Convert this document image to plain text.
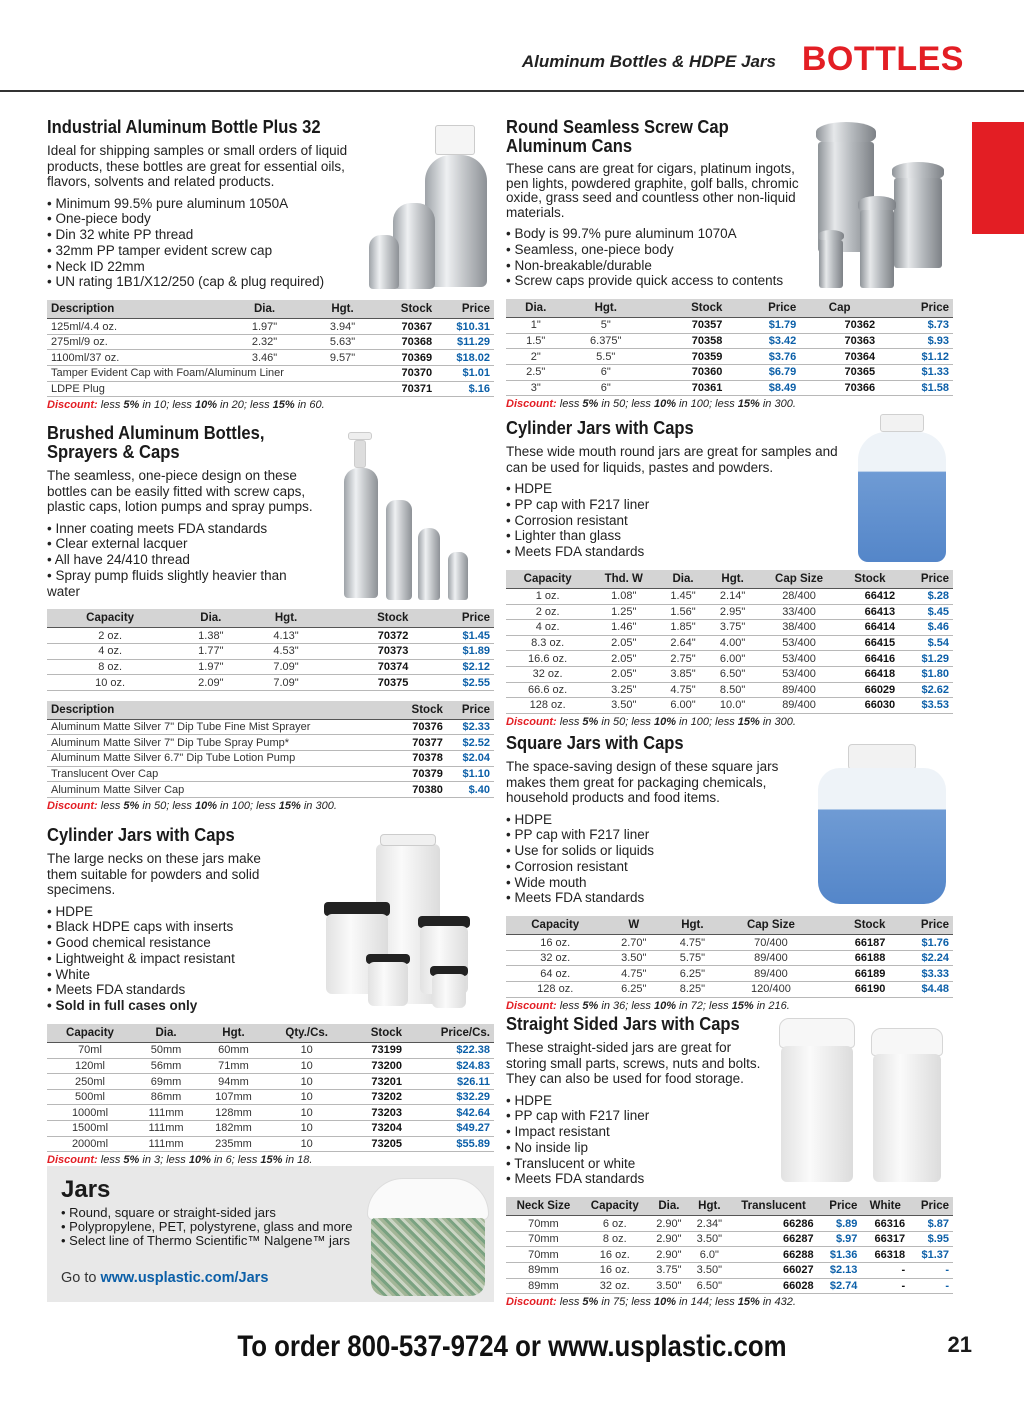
Aluminum Bottles & HDPE Jars BOTTLES
Industrial Aluminum Bottle Plus 32
Ideal for shipping samples or small orders of liquid products, these bottles are great for essential oils, flavors, solvents and related products.
• Minimum 99.5% pure aluminum 1050A
• One-piece body
• Din 32 white PP thread
• 32mm PP tamper evident screw cap
• Neck ID 22mm
• UN rating 1B1/X12/250 (cap & plug required)
Description	Dia.	Hgt.	Stock	Price
125ml/4.4 oz.	1.97"	3.94"	70367	$10.31
275ml/9 oz.	2.32"	5.63"	70368	$11.29
1100ml/37 oz.	3.46"	9.57"	70369	$18.02
Tamper Evident Cap with Foam/Aluminum Liner			70370	$1.01
LDPE Plug			70371	$.16
Discount: less 5% in 10; less 10% in 20; less 15% in 60.
Brushed Aluminum Bottles,
Sprayers & Caps
The seamless, one-piece design on these bottles can be easily fitted with screw caps, plastic caps, lotion pumps and spray pumps.
• Inner coating meets FDA standards
• Clear external lacquer
• All have 24/410 thread
• Spray pump fluids slightly heavier than water
Capacity	Dia.	Hgt.	Stock	Price
2 oz.	1.38"	4.13"	70372	$1.45
4 oz.	1.77"	4.53"	70373	$1.89
8 oz.	1.97"	7.09"	70374	$2.12
10 oz.	2.09"	7.09"	70375	$2.55
Description	Stock	Price
Aluminum Matte Silver 7" Dip Tube Fine Mist Sprayer	70376	$2.33
Aluminum Matte Silver 7" Dip Tube Spray Pump*	70377	$2.52
Aluminum Matte Silver 6.7" Dip Tube Lotion Pump	70378	$2.04
Translucent Over Cap	70379	$1.10
Aluminum Matte Silver Cap	70380	$.40
Discount: less 5% in 50; less 10% in 100; less 15% in 300.
Cylinder Jars with Caps
The large necks on these jars make them suitable for powders and solid specimens.
• HDPE
• Black HDPE caps with inserts
• Good chemical resistance
• Lightweight & impact resistant
• White
• Meets FDA standards
• Sold in full cases only
Capacity	Dia.	Hgt.	Qty./Cs.	Stock	Price/Cs.
70ml	50mm	60mm	10	73199	$22.38
120ml	56mm	71mm	10	73200	$24.83
250ml	69mm	94mm	10	73201	$26.11
500ml	86mm	107mm	10	73202	$32.29
1000ml	111mm	128mm	10	73203	$42.64
1500ml	111mm	182mm	10	73204	$49.27
2000ml	111mm	235mm	10	73205	$55.89
Discount: less 5% in 3; less 10% in 6; less 15% in 18.
Jars
• Round, square or straight-sided jars
• Polypropylene, PET, polystyrene, glass and more
• Select line of Thermo Scientific™ Nalgene™ jars
Go to www.usplastic.com/Jars
Round Seamless Screw Cap
Aluminum Cans
These cans are great for cigars, platinum ingots, pen lights, powdered graphite, golf balls, chromic oxide, grass seed and countless other non-liquid materials.
• Body is 99.7% pure aluminum 1070A
• Seamless, one-piece body
• Non-breakable/durable
• Screw caps provide quick access to contents
Dia.	Hgt.	Stock	Price	Cap	Price
1"	5"	70357	$1.79	70362	$.73
1.5"	6.375"	70358	$3.42	70363	$.93
2"	5.5"	70359	$3.76	70364	$1.12
2.5"	6"	70360	$6.79	70365	$1.33
3"	6"	70361	$8.49	70366	$1.58
Discount: less 5% in 50; less 10% in 100; less 15% in 300.
Cylinder Jars with Caps
These wide mouth round jars are great for samples and can be used for liquids, pastes and powders.
• HDPE
• PP cap with F217 liner
• Corrosion resistant
• Lighter than glass
• Meets FDA standards
Capacity	Thd. W	Dia.	Hgt.	Cap Size	Stock	Price
1 oz.	1.08"	1.45"	2.14"	28/400	66412	$.28
2 oz.	1.25"	1.56"	2.95"	33/400	66413	$.45
4 oz.	1.46"	1.85"	3.75"	38/400	66414	$.46
8.3 oz.	2.05"	2.64"	4.00"	53/400	66415	$.54
16.6 oz.	2.05"	2.75"	6.00"	53/400	66416	$1.29
32 oz.	2.05"	3.85"	6.50"	53/400	66418	$1.80
66.6 oz.	3.25"	4.75"	8.50"	89/400	66029	$2.62
128 oz.	3.50"	6.00"	10.0"	89/400	66030	$3.53
Discount: less 5% in 50; less 10% in 100; less 15% in 300.
Square Jars with Caps
The space-saving design of these square jars makes them great for packaging chemicals, household products and food items.
• HDPE
• PP cap with F217 liner
• Use for solids or liquids
• Corrosion resistant
• Wide mouth
• Meets FDA standards
Capacity	W	Hgt.	Cap Size	Stock	Price
16 oz.	2.70"	4.75"	70/400	66187	$1.76
32 oz.	3.50"	5.75"	89/400	66188	$2.24
64 oz.	4.75"	6.25"	89/400	66189	$3.33
128 oz.	6.25"	8.25"	120/400	66190	$4.48
Discount: less 5% in 36; less 10% in 72; less 15% in 216.
Straight Sided Jars with Caps
These straight-sided jars are great for storing small parts, screws, nuts and bolts. They can also be used for food storage.
• HDPE
• PP cap with F217 liner
• Impact resistant
• No inside lip
• Translucent or white
• Meets FDA standards
Neck Size	Capacity	Dia.	Hgt.	Translucent	Price	White	Price
70mm	6 oz.	2.90"	2.34"	66286	$.89	66316	$.87
70mm	8 oz.	2.90"	3.50"	66287	$.97	66317	$.95
70mm	16 oz.	2.90"	6.0"	66288	$1.36	66318	$1.37
89mm	16 oz.	3.75"	3.50"	66027	$2.13	-	-
89mm	32 oz.	3.50"	6.50"	66028	$2.74	-	-
Discount: less 5% in 75; less 10% in 144; less 15% in 432.
To order 800-537-9724 or www.usplastic.com	21
